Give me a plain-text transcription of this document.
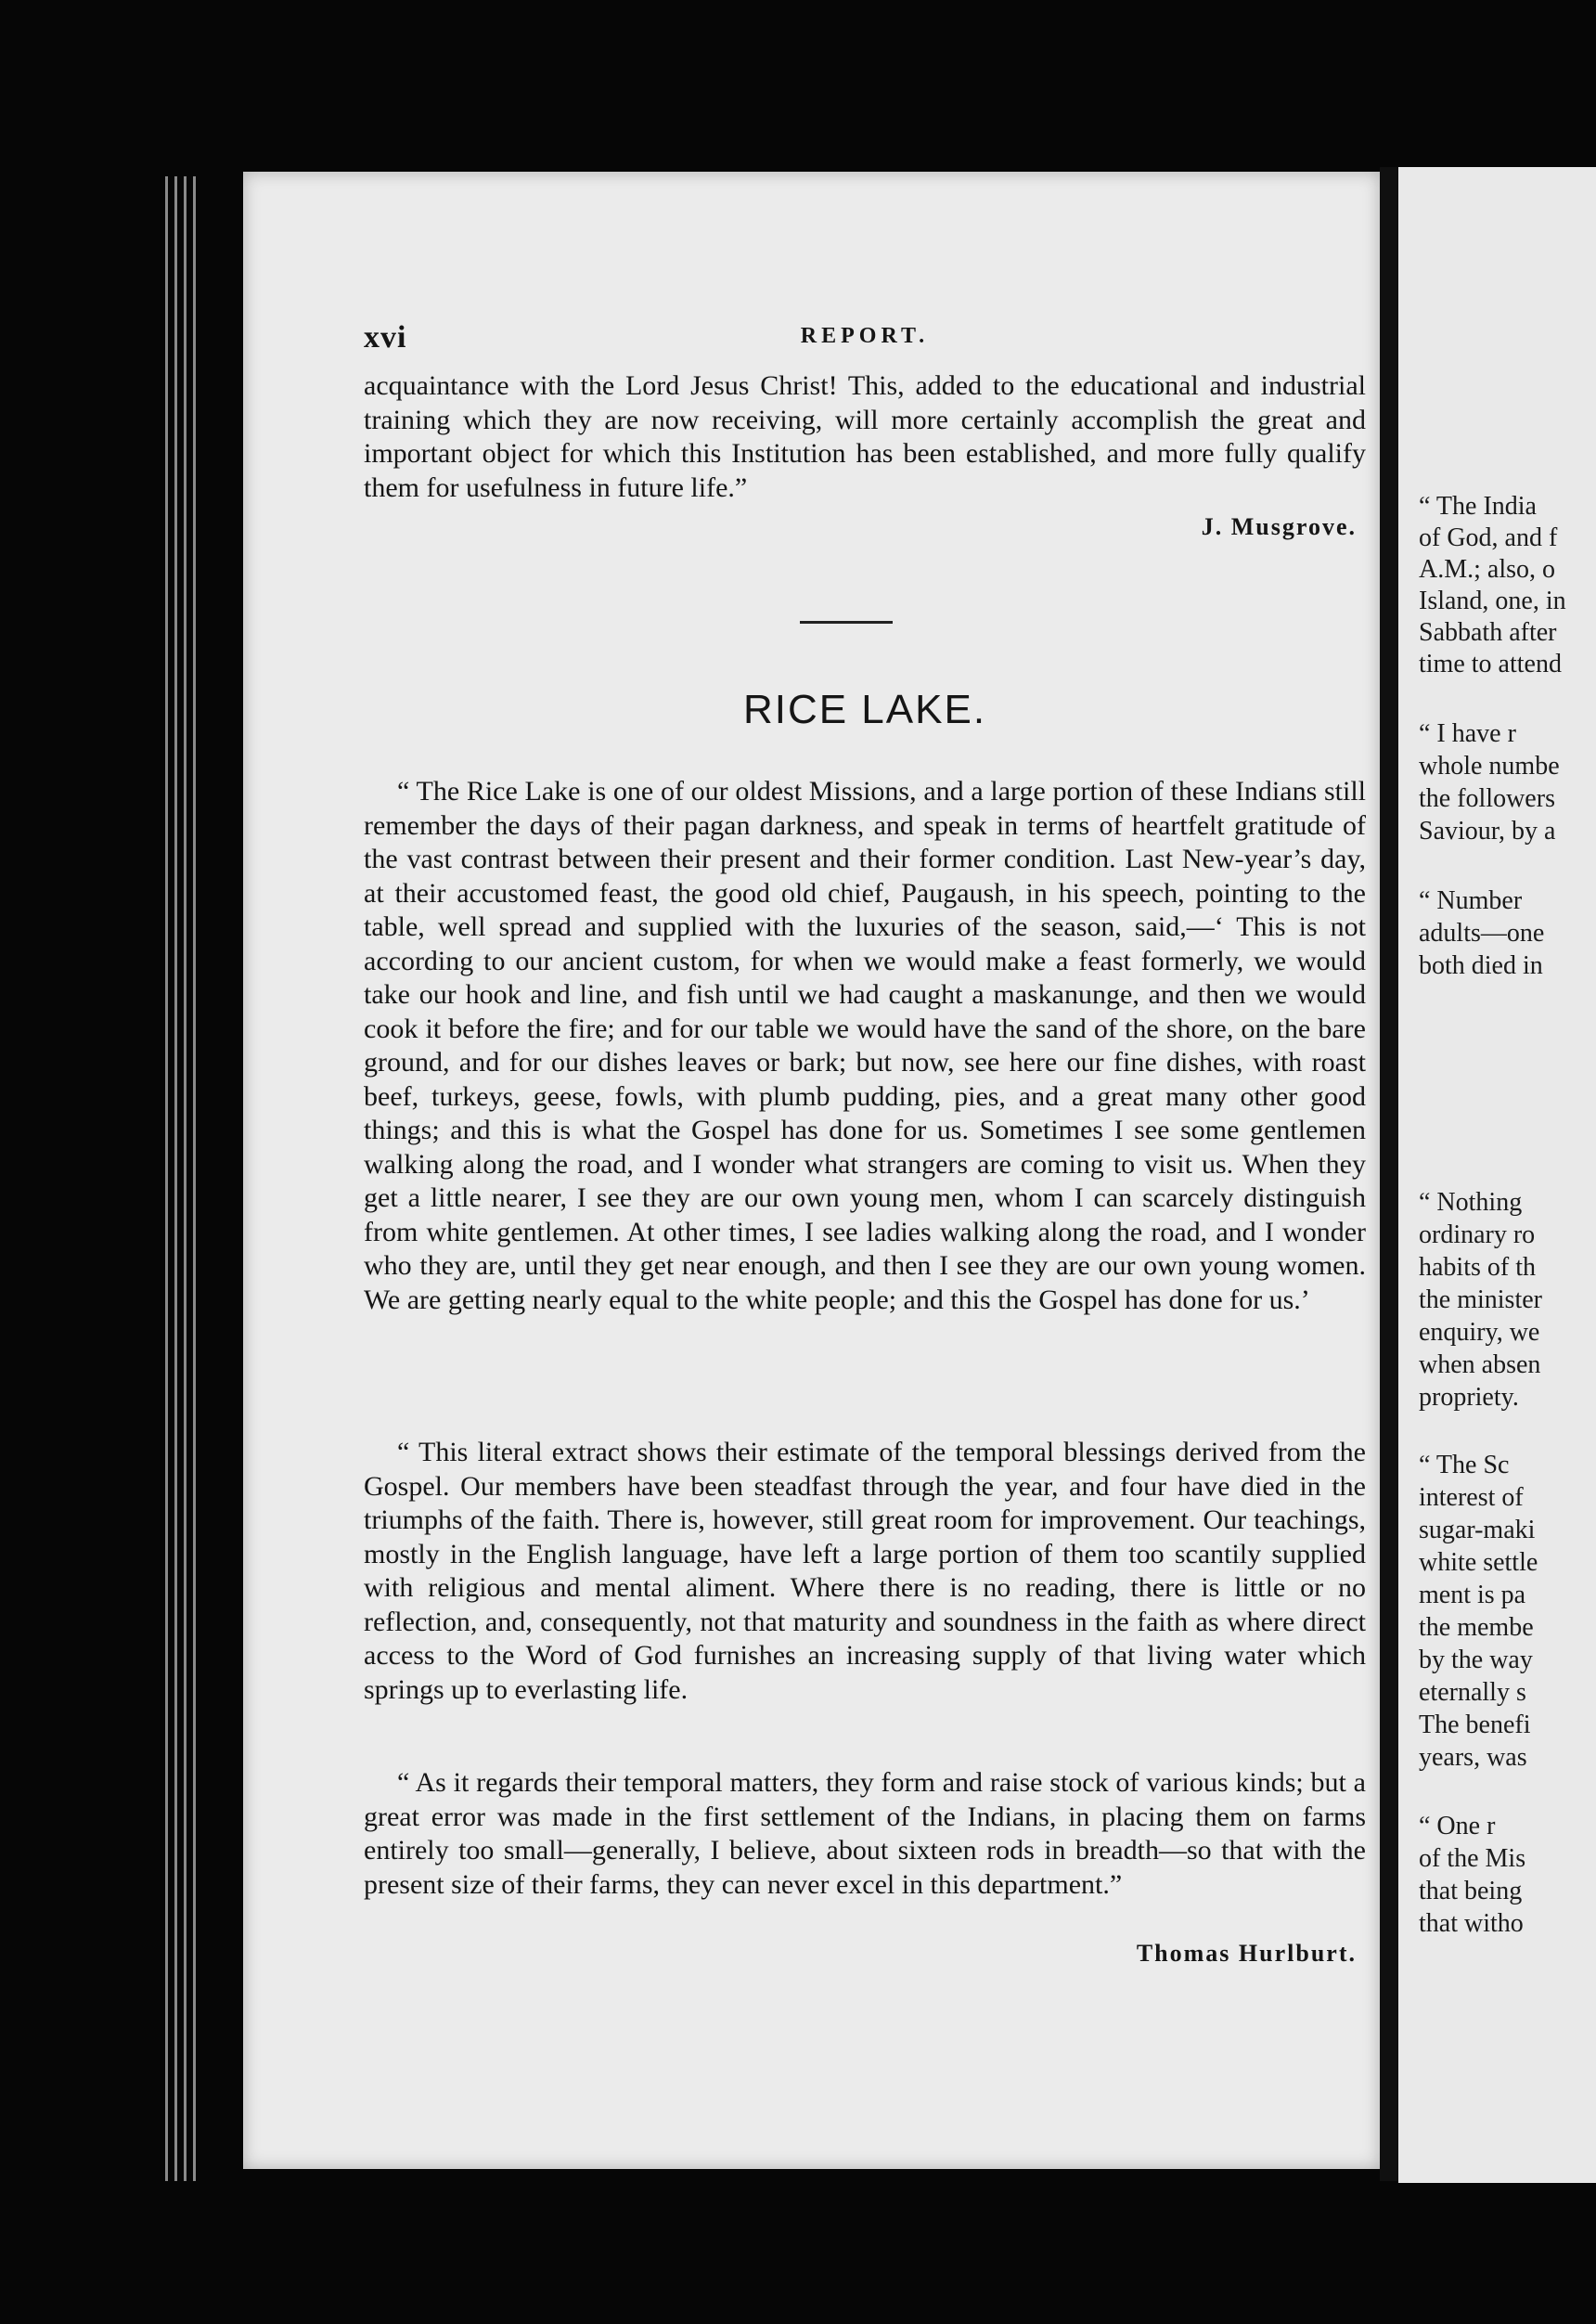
xvi	REPORT.

acquaintance with the Lord Jesus Christ! This, added to the educational and industrial training which they are now receiving, will more certainly accomplish the great and important object for which this Institution has been established, and more fully qualify them for usefulness in future life.”

J. Musgrove.
RICE LAKE.

“ The Rice Lake is one of our oldest Missions, and a large portion of these Indians still remember the days of their pagan darkness, and speak in terms of heartfelt gratitude of the vast contrast between their present and their former condition. Last New-year’s day, at their accustomed feast, the good old chief, Paugaush, in his speech, pointing to the table, well spread and supplied with the luxuries of the season, said,—‘ This is not according to our ancient custom, for when we would make a feast formerly, we would take our hook and line, and fish until we had caught a maskanunge, and then we would cook it before the fire; and for our table we would have the sand of the shore, on the bare ground, and for our dishes leaves or bark; but now, see here our fine dishes, with roast beef, turkeys, geese, fowls, with plumb pudding, pies, and a great many other good things; and this is what the Gospel has done for us. Sometimes I see some gentlemen walking along the road, and I wonder what strangers are coming to visit us. When they get a little nearer, I see they are our own young men, whom I can scarcely distinguish from white gentlemen. At other times, I see ladies walking along the road, and I wonder who they are, until they get near enough, and then I see they are our own young women. We are getting nearly equal to the white people; and this the Gospel has done for us.’

“ This literal extract shows their estimate of the temporal blessings derived from the Gospel. Our members have been steadfast through the year, and four have died in the triumphs of the faith. There is, however, still great room for improvement. Our teachings, mostly in the English language, have left a large portion of them too scantily supplied with religious and mental aliment. Where there is no reading, there is little or no reflection, and, consequently, not that maturity and soundness in the faith as where direct access to the Word of God furnishes an increasing supply of that living water which springs up to everlasting life.

“ As it regards their temporal matters, they form and raise stock of various kinds; but a great error was made in the first settlement of the Indians, in placing them on farms entirely too small—generally, I believe, about sixteen rods in breadth—so that with the present size of their farms, they can never excel in this department.”

Thomas Hurlburt.
“ The India
of God, and f
A.M.; also, o
Island, one, in
Sabbath after
time to attend
“ I have r
whole numbe
the followers
Saviour, by a
“ Number
adults—one
both died in
“ Nothing
ordinary ro
habits of th
the minister
enquiry, we
when absen
propriety.
“ The Sc
interest of
sugar-maki
white settle
ment is pa
the membe
by the way
eternally s
The benefi
years, was
“ One r
of the Mis
that being
that witho
